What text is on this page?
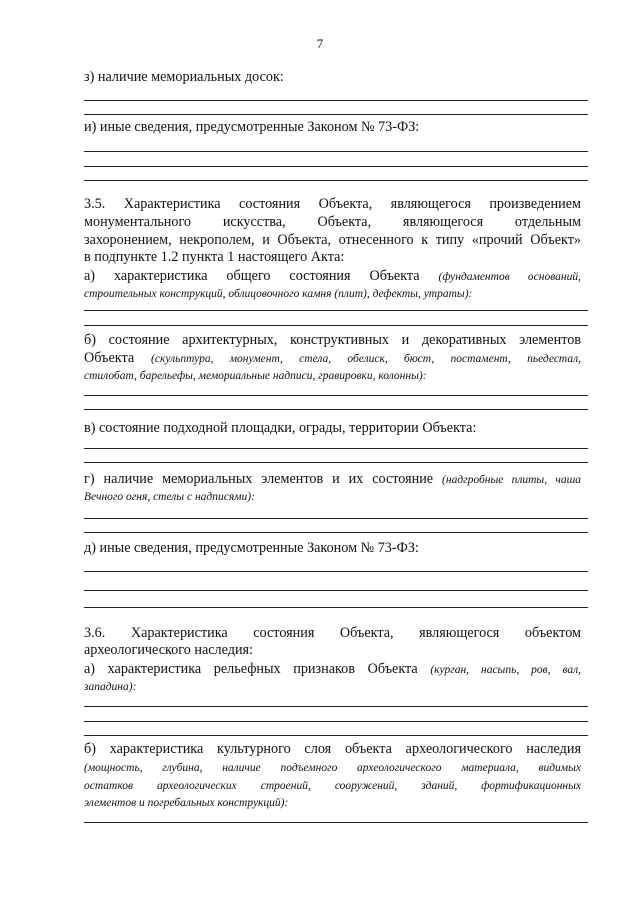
7
з) наличие мемориальных досок:
и) иные сведения, предусмотренные Законом № 73-ФЗ:
3.5. Характеристика состояния Объекта, являющегося произведением
монументального искусства, Объекта, являющегося отдельным
захоронением, некрополем, и Объекта, отнесенного к типу «прочий Объект»
в подпункте 1.2 пункта 1 настоящего Акта:
а) характеристика общего состояния Объекта (фундаментов оснований,
строительных конструкций, облицовочного камня (плит), дефекты, утраты):
б) состояние архитектурных, конструктивных и декоративных элементов
Объекта (скульптура, монумент, стела, обелиск, бюст, постамент, пьедестал,
стилобат, барельефы, мемориальные надписи, гравировки, колонны):
в) состояние подходной площадки, ограды, территории Объекта:
г) наличие мемориальных элементов и их состояние (надгробные плиты, чаша
Вечного огня, стелы с надписями):
д) иные сведения, предусмотренные Законом № 73-ФЗ:
3.6. Характеристика состояния Объекта, являющегося объектом
археологического наследия:
а) характеристика рельефных признаков Объекта (курган, насыпь, ров, вал,
западина):
б) характеристика культурного слоя объекта археологического наследия
(мощность, глубина, наличие подъемного археологического материала, видимых
остатков археологических строений, сооружений, зданий, фортификационных
элементов и погребальных конструкций):
